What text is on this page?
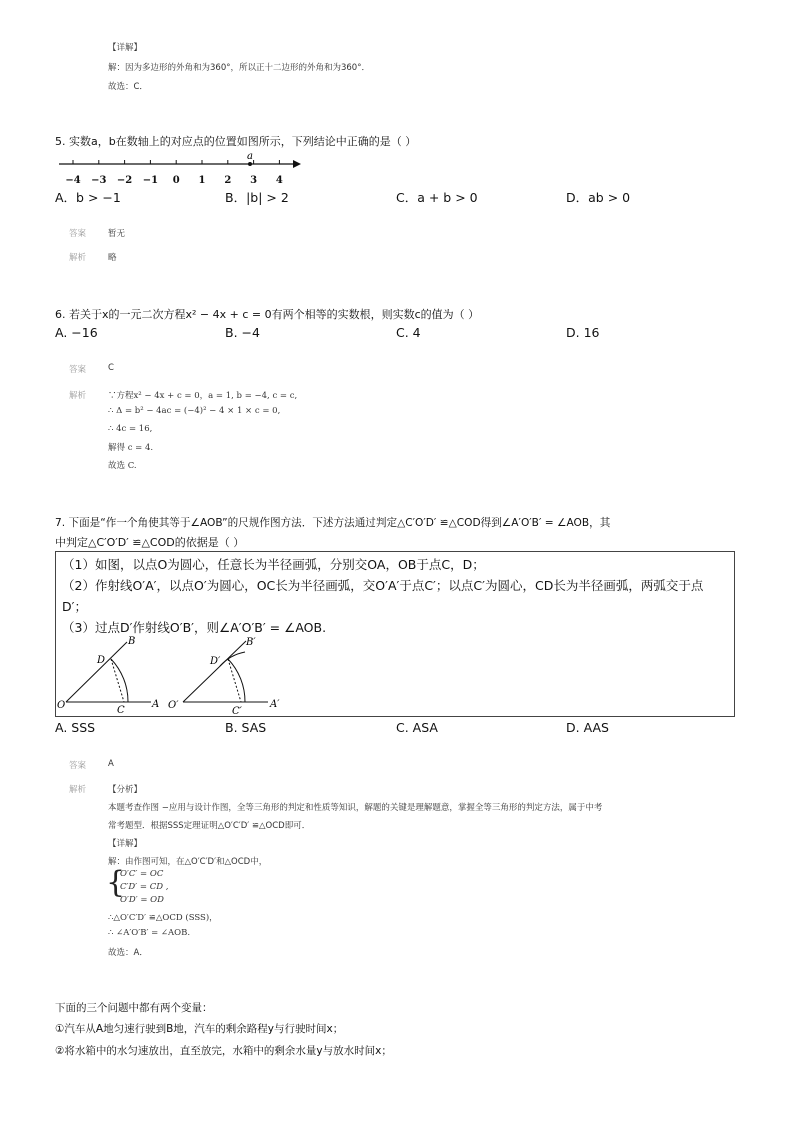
【详解】
解：因为多边形的外角和为360°，所以正十二边形的外角和为360°．
故选：C．
5. 实数a，b在数轴上的对应点的位置如图所示，下列结论中正确的是（ ）
−4 −3 −2 −1 0 1 2 3 4
a
A．b > −1	B．|b| > 2	C．a + b > 0	D．ab > 0
答案	暂无
解析	略
6. 若关于x的一元二次方程x² − 4x + c = 0有两个相等的实数根，则实数c的值为（ ）
A. −16	B. −4	C. 4	D. 16
答案	C
解析	∵方程x² − 4x + c = 0，a = 1, b = −4, c = c,
∴ Δ = b² − 4ac = (−4)² − 4 × 1 × c = 0,
∴ 4c = 16,
解得 c = 4.
故选 C.
7. 下面是“作一个角使其等于∠AOB”的尺规作图方法．下述方法通过判定△C′O′D′ ≌△COD得到∠A′O′B′ = ∠AOB，其
中判定△C′O′D′ ≌△COD的依据是（ ）
（1）如图，以点O为圆心，任意长为半径画弧，分别交OA，OB于点C，D；
（2）作射线O′A′，以点O′为圆心，OC长为半径画弧，交O′A′于点C′；以点C′为圆心，CD长为半径画弧，两弧交于点
D′；
（3）过点D′作射线O′B′，则∠A′O′B′ = ∠AOB.
O	A
B
C
D
O′	A′
B′
C′
D′
A. SSS	B. SAS	C. ASA	D. AAS
答案	A
解析	【分析】
本题考查作图 −应用与设计作图，全等三角形的判定和性质等知识，解题的关键是理解题意，掌握全等三角形的判定方法，属于中考
常考题型．根据SSS定理证明△O′C′D′ ≌△OCD即可．
【详解】
解：由作图可知，在△O′C′D′和△OCD中，
{
O′C′ = OC
C′D′ = CD ,
O′D′ = OD
∴△O′C′D′ ≌△OCD (SSS)，
∴ ∠A′O′B′ = ∠AOB.
故选：A．
下面的三个问题中都有两个变量：
①汽车从A地匀速行驶到B地，汽车的剩余路程y与行驶时间x；
②将水箱中的水匀速放出，直至放完，水箱中的剩余水量y与放水时间x；
